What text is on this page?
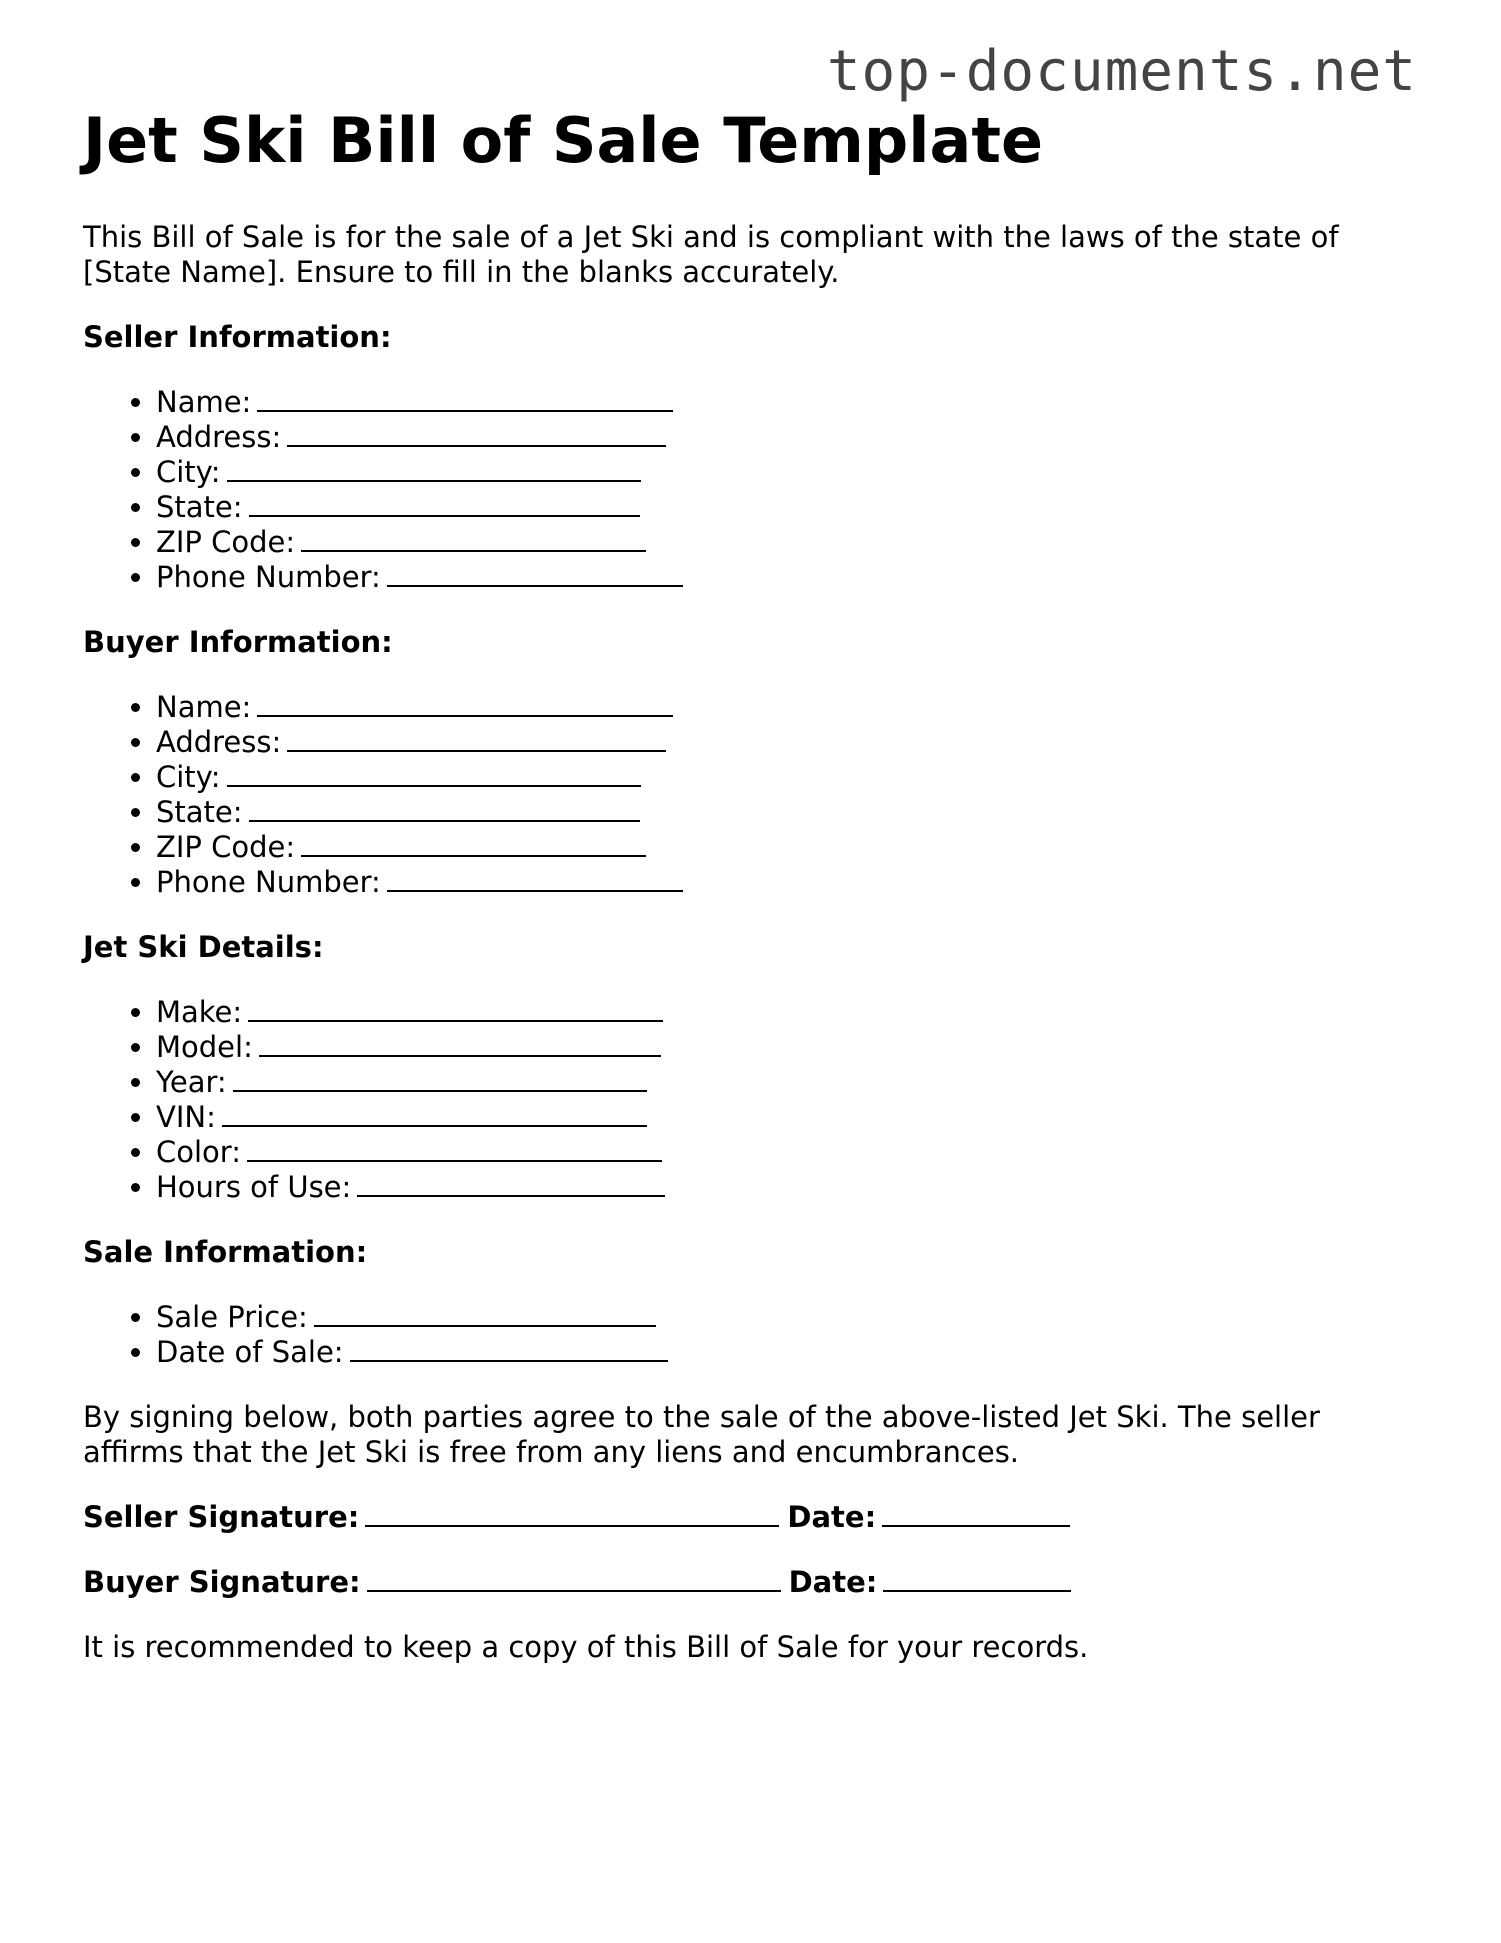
top-documents.net
Jet Ski Bill of Sale Template

This Bill of Sale is for the sale of a Jet Ski and is compliant with the laws of the state of [State Name]. Ensure to fill in the blanks accurately.

Seller Information:

• Name:
• Address:
• City:
• State:
• ZIP Code:
• Phone Number:

Buyer Information:

• Name:
• Address:
• City:
• State:
• ZIP Code:
• Phone Number:

Jet Ski Details:

• Make:
• Model:
• Year:
• VIN:
• Color:
• Hours of Use:

Sale Information:

• Sale Price:
• Date of Sale:

By signing below, both parties agree to the sale of the above-listed Jet Ski. The seller affirms that the Jet Ski is free from any liens and encumbrances.

Seller Signature:	Date:

Buyer Signature:	Date:

It is recommended to keep a copy of this Bill of Sale for your records.
